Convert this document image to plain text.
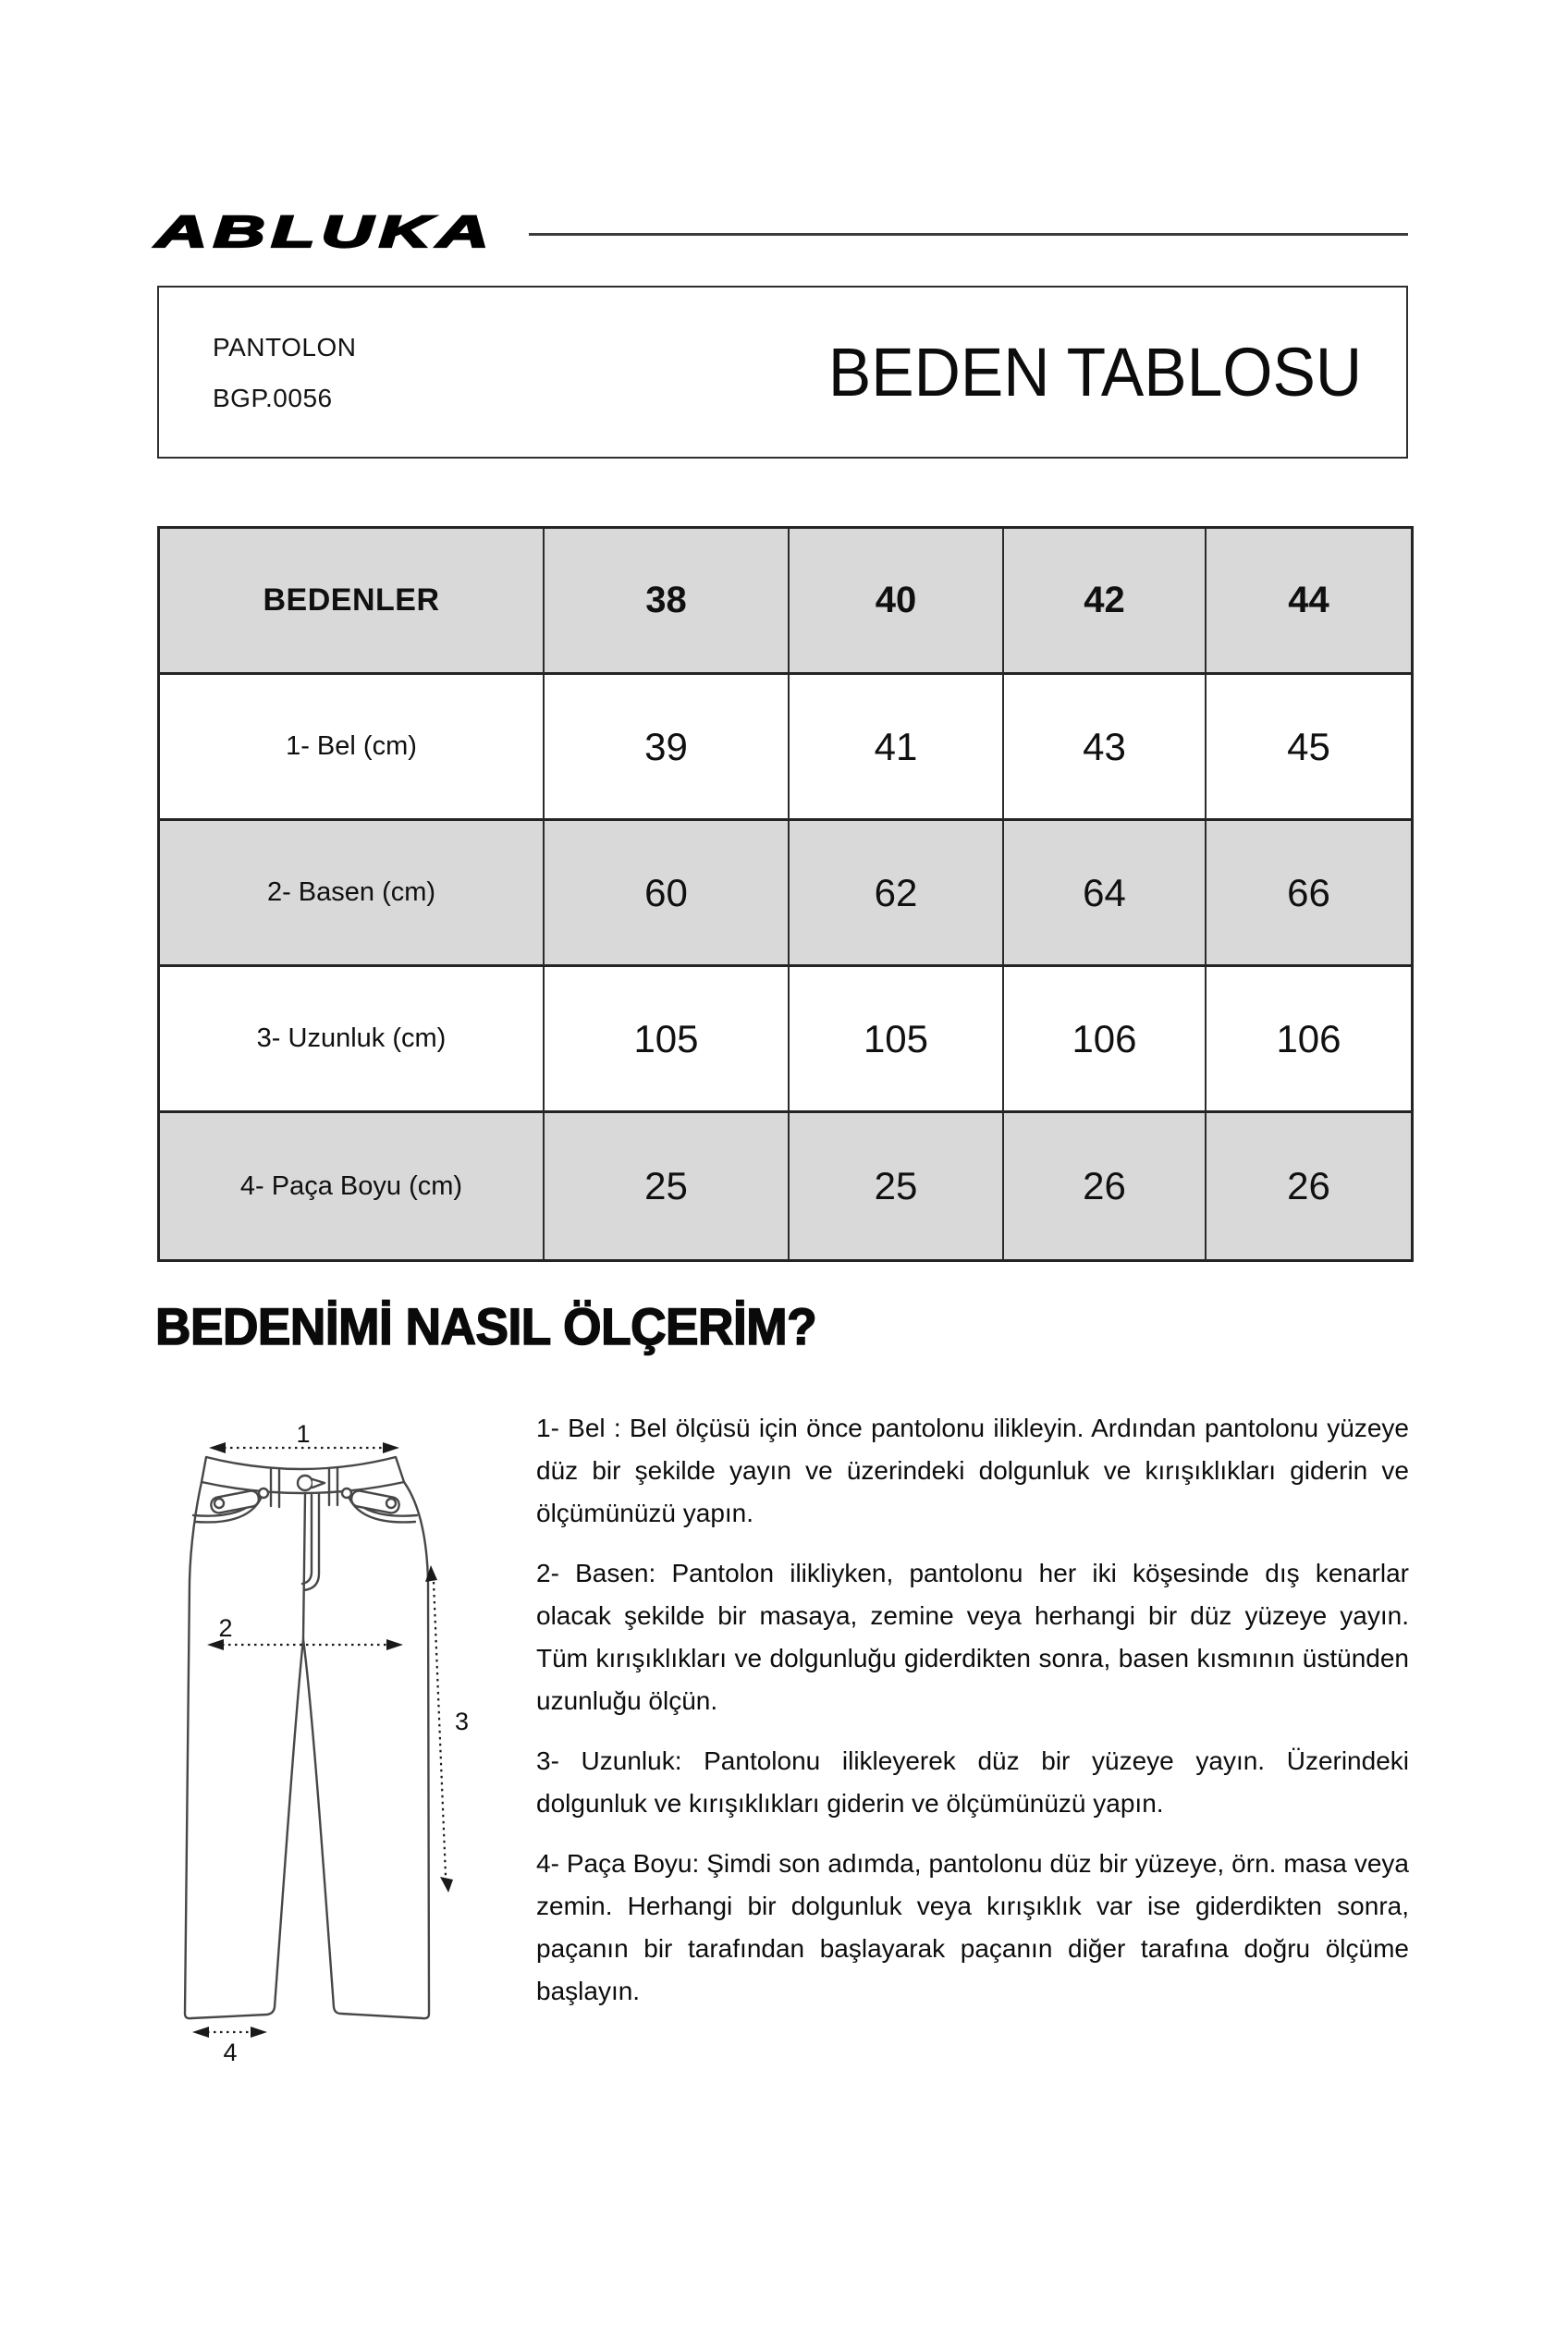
ABLUKA
PANTOLON
BGP.0056	BEDEN TABLOSU
BEDENLER	38	40	42	44
1- Bel (cm)	39	41	43	45
2- Basen (cm)	60	62	64	66
3- Uzunluk (cm)	105	105	106	106
4- Paça Boyu (cm)	25	25	26	26
BEDENİMİ NASIL ÖLÇERİM?
1
2
3
4

1- Bel : Bel ölçüsü için önce pantolonu ilikleyin. Ardından pantolonu yüzeye düz bir şekilde yayın ve üzerindeki dolgunluk ve kırışıklıkları giderin ve ölçümünüzü yapın.

2- Basen: Pantolon ilikliyken, pantolonu her iki köşesinde dış kenarlar olacak şekilde bir masaya, zemine veya herhangi bir düz yüzeye yayın. Tüm kırışıklıkları ve dolgunluğu giderdikten sonra, basen kısmının üstünden uzunluğu ölçün.

3- Uzunluk: Pantolonu ilikleyerek düz bir yüzeye yayın. Üzerindeki dolgunluk ve kırışıklıkları giderin ve ölçümünüzü yapın.

4- Paça Boyu: Şimdi son adımda, pantolonu düz bir yüzeye, örn. masa veya zemin. Herhangi bir dolgunluk veya kırışıklık var ise giderdikten sonra, paçanın bir tarafından başlayarak paçanın diğer tarafına doğru ölçüme başlayın.
